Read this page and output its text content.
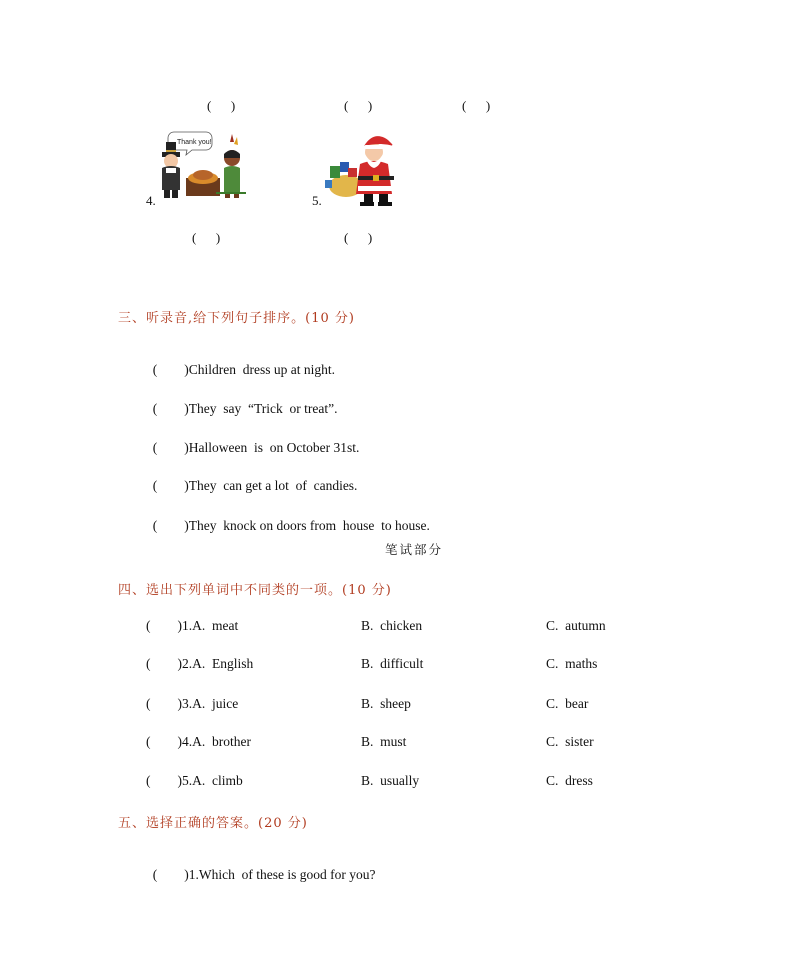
(      )	(      )	(      )
4.
Thank you!
5.
(      )	(      )
三、听录音,给下列句子排序。(10 分)

(        )Children  dress up at night.

(        )They  say  “Trick  or treat”.

(        )Halloween  is  on October 31st.

(        )They  can get a lot  of  candies.

(        )They  knock on doors from  house  to house.

笔试部分
四、选出下列单词中不同类的一项。(10 分)
(        )1.A.  meat	B.  chicken	C.  autumn
(        )2.A.  English	B.  difficult	C.  maths
(        )3.A.  juice	B.  sheep	C.  bear
(        )4.A.  brother	B.  must	C.  sister
(        )5.A.  climb	B.  usually	C.  dress
五、选择正确的答案。(20 分)

(        )1.Which  of these is good for you?
